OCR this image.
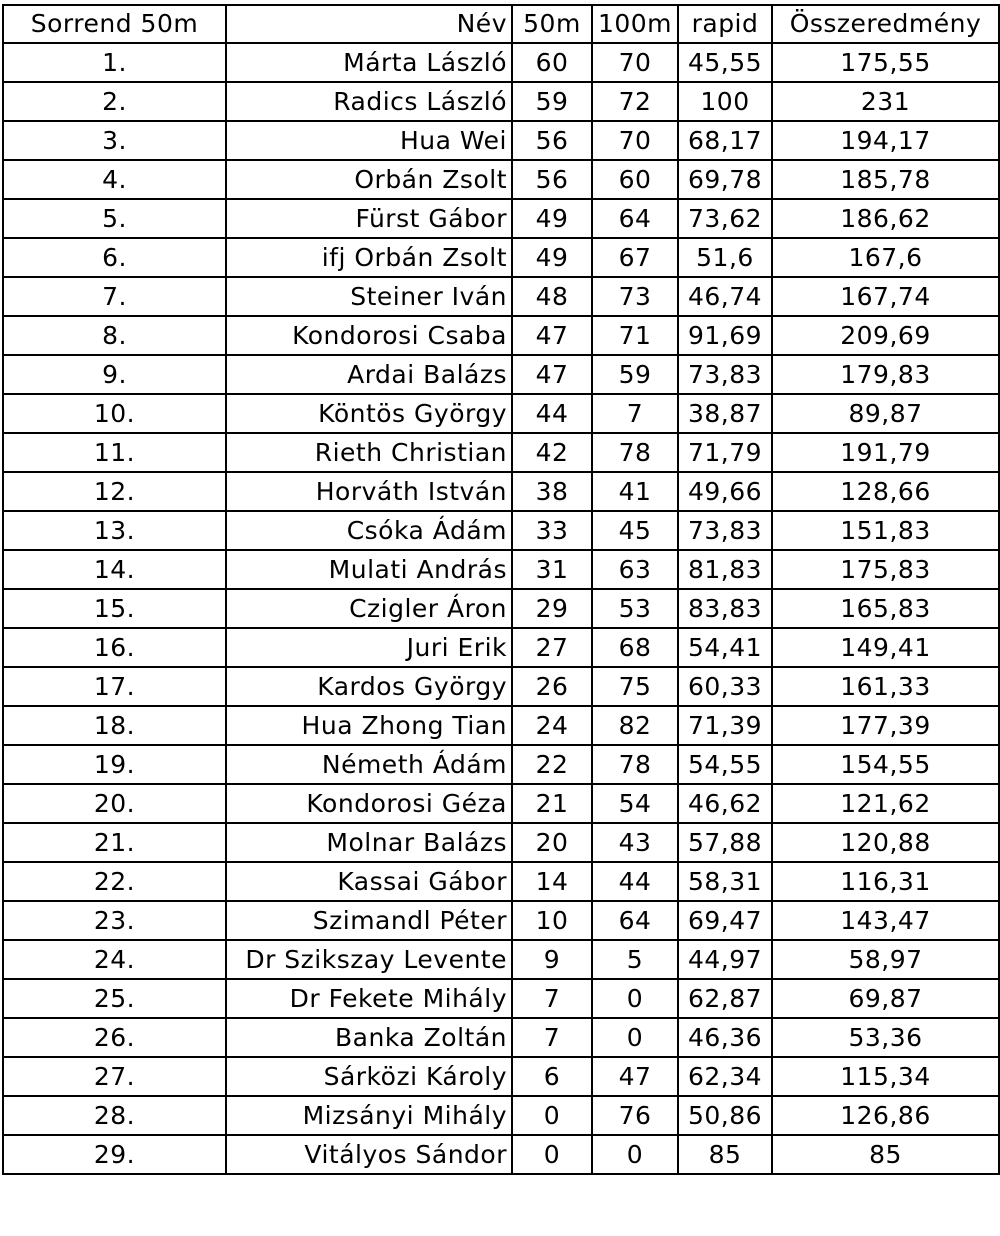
Sorrend 50m	Név	50m	100m	rapid	Összeredmény
1.	Márta László	60	70	45,55	175,55
2.	Radics László	59	72	100	231
3.	Hua Wei	56	70	68,17	194,17
4.	Orbán Zsolt	56	60	69,78	185,78
5.	Fürst Gábor	49	64	73,62	186,62
6.	ifj Orbán Zsolt	49	67	51,6	167,6
7.	Steiner Iván	48	73	46,74	167,74
8.	Kondorosi Csaba	47	71	91,69	209,69
9.	Ardai Balázs	47	59	73,83	179,83
10.	Köntös György	44	7	38,87	89,87
11.	Rieth Christian	42	78	71,79	191,79
12.	Horváth István	38	41	49,66	128,66
13.	Csóka Ádám	33	45	73,83	151,83
14.	Mulati András	31	63	81,83	175,83
15.	Czigler Áron	29	53	83,83	165,83
16.	Juri Erik	27	68	54,41	149,41
17.	Kardos György	26	75	60,33	161,33
18.	Hua Zhong Tian	24	82	71,39	177,39
19.	Németh Ádám	22	78	54,55	154,55
20.	Kondorosi Géza	21	54	46,62	121,62
21.	Molnar Balázs	20	43	57,88	120,88
22.	Kassai Gábor	14	44	58,31	116,31
23.	Szimandl Péter	10	64	69,47	143,47
24.	Dr Szikszay Levente	9	5	44,97	58,97
25.	Dr Fekete Mihály	7	0	62,87	69,87
26.	Banka Zoltán	7	0	46,36	53,36
27.	Sárközi Károly	6	47	62,34	115,34
28.	Mizsányi Mihály	0	76	50,86	126,86
29.	Vitályos Sándor	0	0	85	85
